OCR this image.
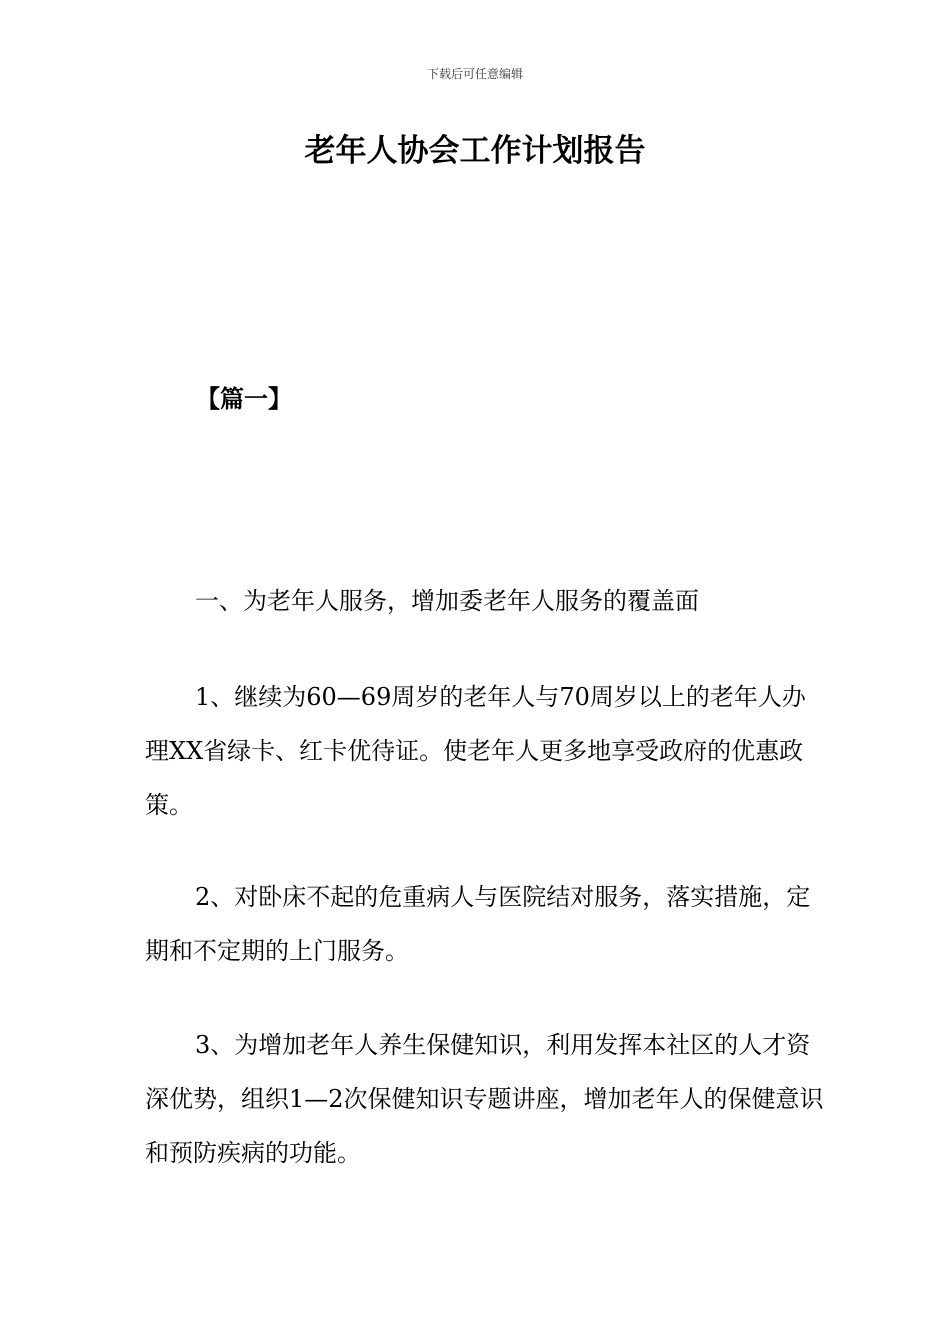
下载后可任意编辑
老年人协会工作计划报告
【篇一】

一、为老年人服务，增加委老年人服务的覆盖面

1、继续为60—69周岁的老年人与70周岁以上的老年人办理XX省绿卡、红卡优待证。使老年人更多地享受政府的优惠政策。

2、对卧床不起的危重病人与医院结对服务，落实措施，定期和不定期的上门服务。

3、为增加老年人养生保健知识，利用发挥本社区的人才资深优势，组织1—2次保健知识专题讲座，增加老年人的保健意识和预防疾病的功能。
